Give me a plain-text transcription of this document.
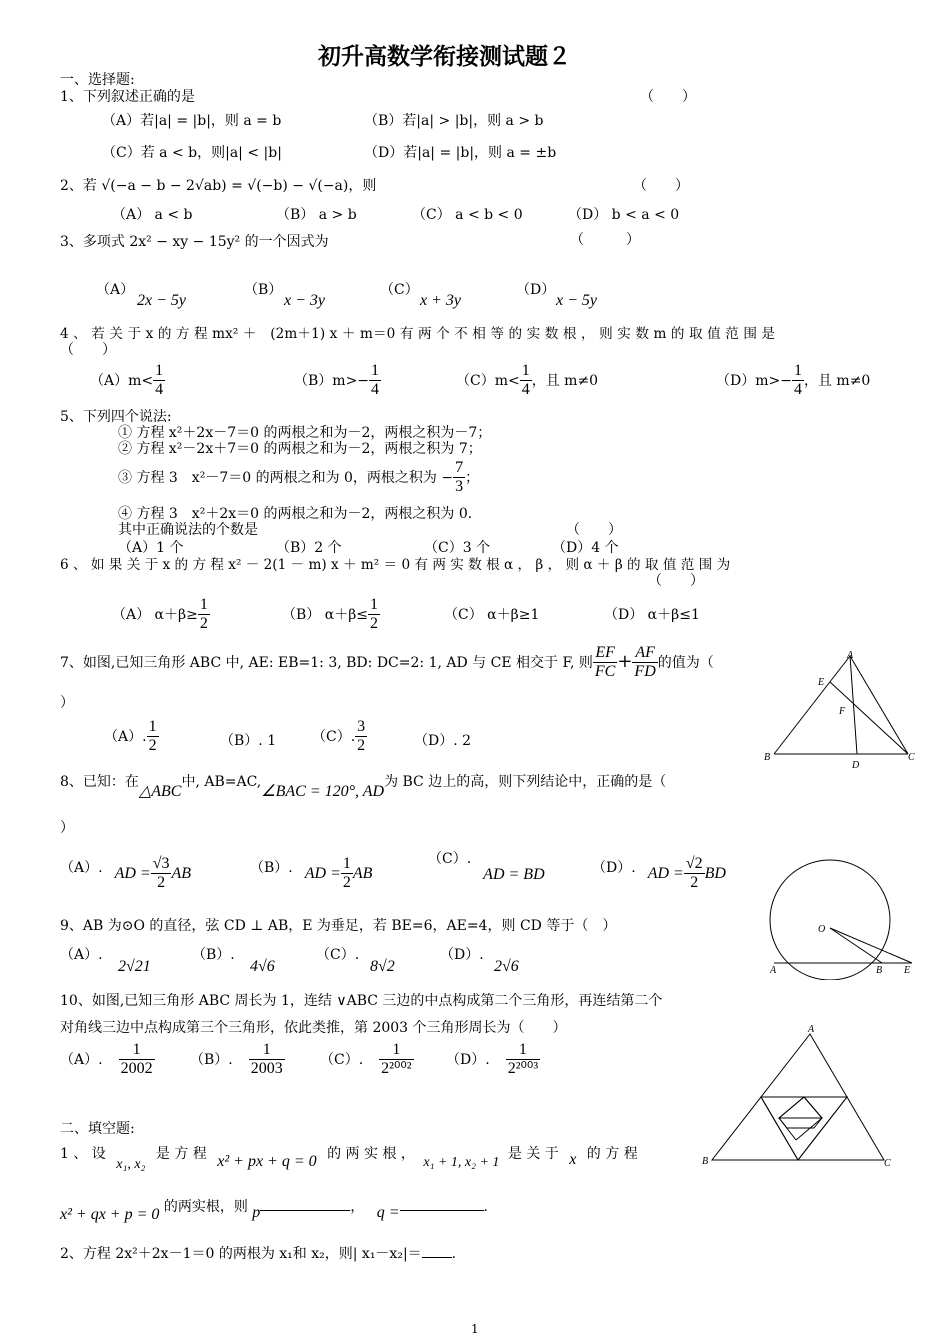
初升高数学衔接测试题２
一、选择题:
1、下列叙述正确的是	（　　）
（A）若|a| = |b|，则 a = b	（B）若|a| > |b|，则 a > b
（C）若 a < b，则|a| < |b|	（D）若|a| = |b|，则 a = ±b
2、若 √(−a − b − 2√ab) = √(−b) − √(−a)，则	（　　）
（A） a < b	（B） a > b	（C） a < b < 0	（D） b < a < 0
3、多项式 2x² − xy − 15y² 的一个因式为	（　　　）
（A）
2x − 5y
（B）
x − 3y
（C）
x + 3y
（D）
x − 5y
4 、 若 关 于 x 的 方 程 mx² ＋　(2m＋1) x ＋ m＝0 有 两 个 不 相 等 的 实 数 根 ， 则 实 数 m 的 取 值 范 围 是
（　　）
$(A)m< \frac{1}{4}$	$(B)m>- \frac{1}{4}$	$(C)m< \frac{1}{4}$ ，且 m≠0	$(D)m>- \frac{1}{4}$ ，且 m≠0
5、下列四个说法:
① 方程 x²＋2x－7＝0 的两根之和为－2，两根之积为－7；
② 方程 x²－2x＋7＝0 的两根之和为－2，两根之积为 7；
③ 方程 3　x²－7＝0 的两根之和为 0，两根之积为 − $\frac{7}{3}$ ；
④ 方程 3　x²＋2x＝0 的两根之和为－2，两根之积为 0．
其中正确说法的个数是	（　　）
（A）1 个	（B）2 个	（C）3 个	（D）4 个
6 、 如 果 关 于 x 的 方 程 x² － 2(1 － m) x ＋ m² ＝ 0 有 两 实 数 根 α ， β ， 则 α ＋ β 的 取 值 范 围 为
（　　）
（A） $\alpha+\beta\ge \frac{1}{2}$	（B） $\alpha+\beta\le \frac{1}{2}$	（C） α＋β≥1	（D） α＋β≤1
7、如图,已知三角形 ABC 中, AE: EB=1: 3, BD: DC=2: 1, AD 与 CE 相交于 F, 则 $\frac{EF}{FC} + \frac{AF}{FD}$ 的值为（
）
（A）. $\frac{1}{2}$	（B）. 1	（C）. $\frac{3}{2}$	（D）. 2
A
E
F
B
D
C
8、已知：在△ABC中, AB=AC,∠BAC = 120°, AD为 BC 边上的高，则下列结论中，正确的是（
）
（A）. AD = $\frac{√3}{2}$ AB	（B）. AD = $\frac{1}{2}$ AB
（C）.AD = BD	（D）. AD = $\frac{√2}{2}$ BD
9、AB 为⊙O 的直径，弦 CD ⊥ AB，E 为垂足，若 BE=6，AE=4，则 CD 等于（　）
（A）.
2√21
（B）.
4√6
（C）.
8√2
（D）.
2√6
O
A	B E
10、如图,已知三角形 ABC 周长为 1，连结 ∨ABC 三边的中点构成第二个三角形，再连结第二个
对角线三边中点构成第三个三角形，依此类推，第 2003 个三角形周长为（　　）
（A）. $\frac{1}{2002}$	（B）. $\frac{1}{2003}$	（C）. $\frac{1}{\text{2²⁰⁰²}} (D)$. $\frac{1}{\text{2²⁰⁰³}}$
A
B	C
二、填空题:
1 、 设 x₁, x₂ 是 方 程 x² + px + q = 0 的 两 实 根 ， x₁ + 1, x₂ + 1 是 关 于 x 的 方 程
x² + qx + p = 0 的两实根，则 p	， q =	.
2、方程 2x²＋2x－1＝0 的两根为 x₁和 x₂，则| x₁－x₂|＝ .
1
